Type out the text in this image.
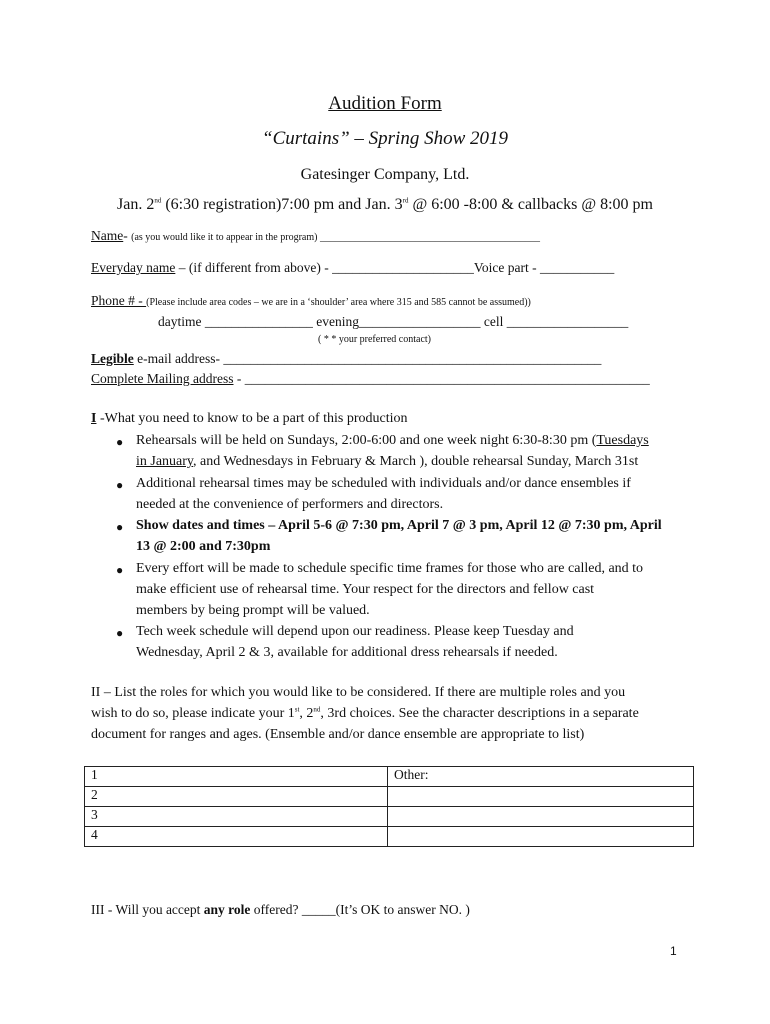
Audition Form
“Curtains” – Spring Show 2019
Gatesinger Company, Ltd.
Jan. 2nd (6:30 registration)7:00 pm and Jan. 3rd @ 6:00 -8:00 & callbacks @ 8:00 pm
Name- (as you would like it to appear in the program) ____________________________________________
Everyday name – (if different from above) - _____________________Voice part - ___________
Phone # - (Please include area codes – we are in a ‘shoulder’ area where 315 and 585 cannot be assumed))
daytime ________________ evening__________________ cell __________________
( * * your preferred contact)
Legible e-mail address- ________________________________________________________
Complete Mailing address - ____________________________________________________________
I -What you need to know to be a part of this production
● Rehearsals will be held on Sundays, 2:00-6:00 and one week night 6:30-8:30 pm (Tuesdays
in January, and Wednesdays in February & March ), double rehearsal Sunday, March 31st
● Additional rehearsal times may be scheduled with individuals and/or dance ensembles if
needed at the convenience of performers and directors.
● Show dates and times – April 5-6 @ 7:30 pm, April 7 @ 3 pm, April 12 @ 7:30 pm, April
13 @ 2:00 and 7:30pm
● Every effort will be made to schedule specific time frames for those who are called, and to
make efficient use of rehearsal time. Your respect for the directors and fellow cast
members by being prompt will be valued.
● Tech week schedule will depend upon our readiness. Please keep Tuesday and
Wednesday, April 2 & 3, available for additional dress rehearsals if needed.
II – List the roles for which you would like to be considered. If there are multiple roles and you
wish to do so, please indicate your 1st, 2nd, 3rd choices. See the character descriptions in a separate
document for ranges and ages. (Ensemble and/or dance ensemble are appropriate to list)
1	Other:
2	
3	
4	
III - Will you accept any role offered? _____(It’s OK to answer NO. )
1
